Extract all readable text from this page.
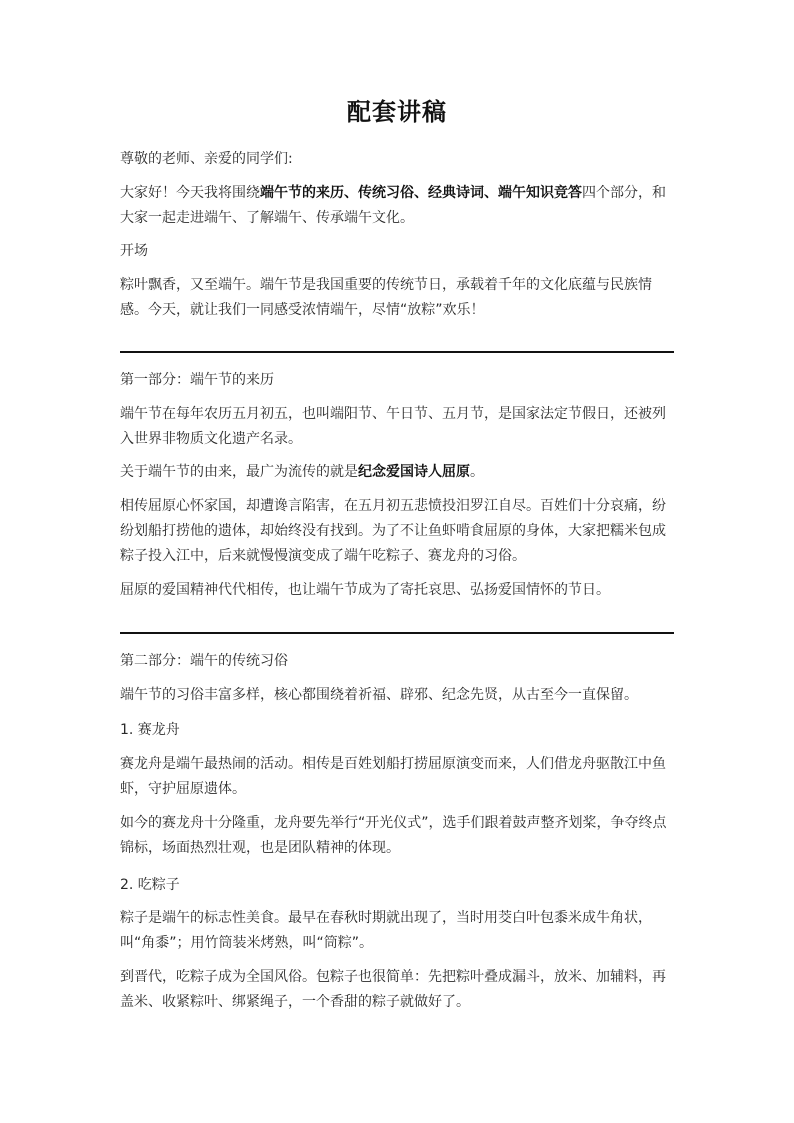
配套讲稿

尊敬的老师、亲爱的同学们:

大家好！今天我将围绕端午节的来历、传统习俗、经典诗词、端午知识竞答四个部分，和大家一起走进端午、了解端午、传承端午文化。

开场

粽叶飘香，又至端午。端午节是我国重要的传统节日，承载着千年的文化底蕴与民族情感。今天，就让我们一同感受浓情端午，尽情“放粽”欢乐！

第一部分：端午节的来历

端午节在每年农历五月初五，也叫端阳节、午日节、五月节，是国家法定节假日，还被列入世界非物质文化遗产名录。

关于端午节的由来，最广为流传的就是纪念爱国诗人屈原。

相传屈原心怀家国，却遭谗言陷害，在五月初五悲愤投汨罗江自尽。百姓们十分哀痛，纷纷划船打捞他的遗体，却始终没有找到。为了不让鱼虾啃食屈原的身体，大家把糯米包成粽子投入江中，后来就慢慢演变成了端午吃粽子、赛龙舟的习俗。

屈原的爱国精神代代相传，也让端午节成为了寄托哀思、弘扬爱国情怀的节日。

第二部分：端午的传统习俗

端午节的习俗丰富多样，核心都围绕着祈福、辟邪、纪念先贤，从古至今一直保留。

1. 赛龙舟

赛龙舟是端午最热闹的活动。相传是百姓划船打捞屈原演变而来，人们借龙舟驱散江中鱼虾，守护屈原遗体。

如今的赛龙舟十分隆重，龙舟要先举行“开光仪式”，选手们跟着鼓声整齐划桨，争夺终点锦标，场面热烈壮观，也是团队精神的体现。

2. 吃粽子

粽子是端午的标志性美食。最早在春秋时期就出现了，当时用茭白叶包黍米成牛角状，叫“角黍”；用竹筒装米烤熟，叫“筒粽”。

到晋代，吃粽子成为全国风俗。包粽子也很简单：先把粽叶叠成漏斗，放米、加辅料，再盖米、收紧粽叶、绑紧绳子，一个香甜的粽子就做好了。
